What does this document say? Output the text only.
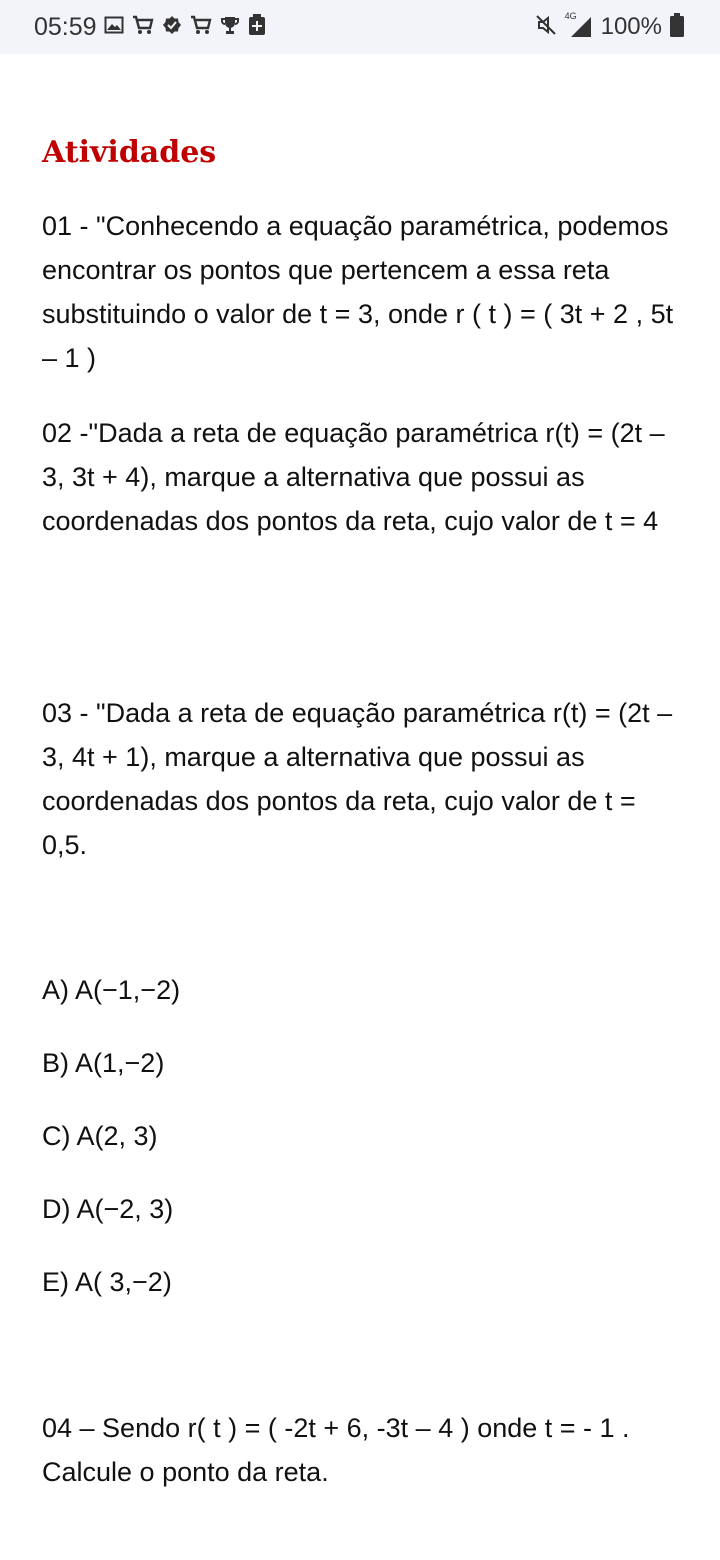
05:59	4G 100%
Atividades

01 - "Conhecendo a equação paramétrica, podemos encontrar os pontos que pertencem a essa reta substituindo o valor de t = 3, onde r ( t ) = ( 3t + 2 , 5t – 1 )

02 -"Dada a reta de equação paramétrica r(t) = (2t – 3, 3t + 4), marque a alternativa que possui as coordenadas dos pontos da reta, cujo valor de t = 4

03 - "Dada a reta de equação paramétrica r(t) = (2t – 3, 4t + 1), marque a alternativa que possui as coordenadas dos pontos da reta, cujo valor de t = 0,5.

A) A(−1,−2)
B) A(1,−2)
C) A(2, 3)
D) A(−2, 3)
E) A( 3,−2)

04 – Sendo r( t ) = ( -2t + 6, -3t – 4 ) onde t = - 1 . Calcule o ponto da reta.
